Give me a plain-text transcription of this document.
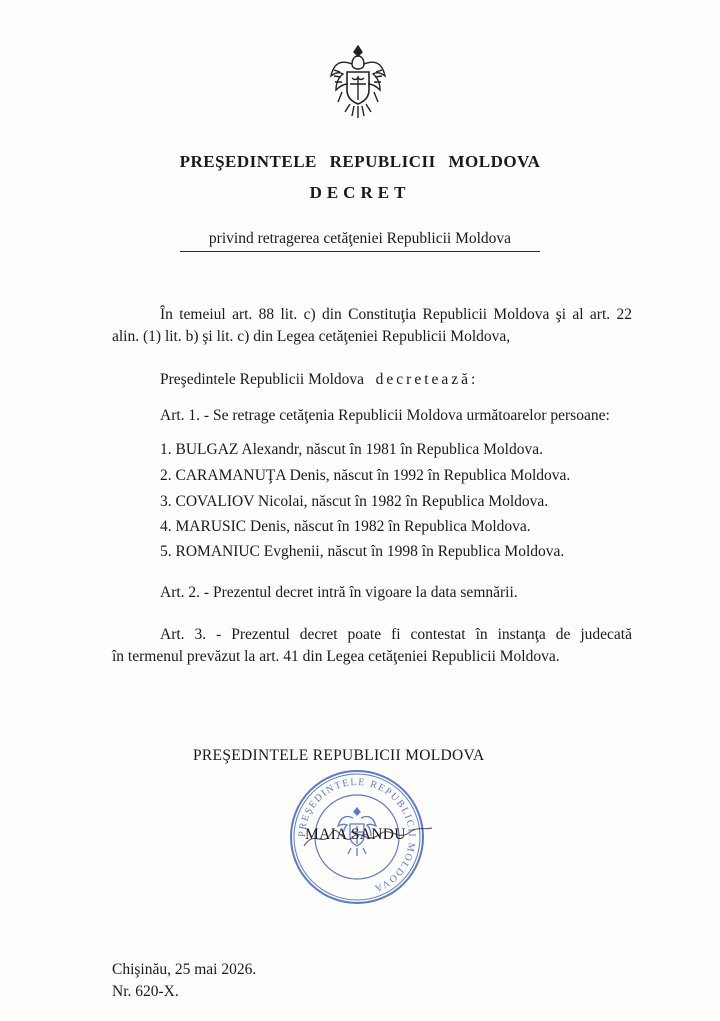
PREŞEDINTELE REPUBLICII MOLDOVA
DECRET
privind retragerea cetăţeniei Republicii Moldova
În temeiul art. 88 lit. c) din Constituţia Republicii Moldova şi al art. 22
alin. (1) lit. b) şi lit. c) din Legea cetăţeniei Republicii Moldova,
Preşedintele Republicii Moldova decretează:
Art. 1. - Se retrage cetăţenia Republicii Moldova următoarelor persoane:
1. BULGAZ Alexandr, născut în 1981 în Republica Moldova.
2. CARAMANUŢA Denis, născut în 1992 în Republica Moldova.
3. COVALIOV Nicolai, născut în 1982 în Republica Moldova.
4. MARUSIC Denis, născut în 1982 în Republica Moldova.
5. ROMANIUC Evghenii, născut în 1998 în Republica Moldova.
Art. 2. - Prezentul decret intră în vigoare la data semnării.
Art. 3. - Prezentul decret poate fi contestat în instanţa de judecată
în termenul prevăzut la art. 41 din Legea cetăţeniei Republicii Moldova.
PREŞEDINTELE REPUBLICII MOLDOVA
PREŞEDINTELE REPUBLICII MOLDOVA
MAIA SANDU
Chişinău, 25 mai 2026.
Nr. 620-X.
